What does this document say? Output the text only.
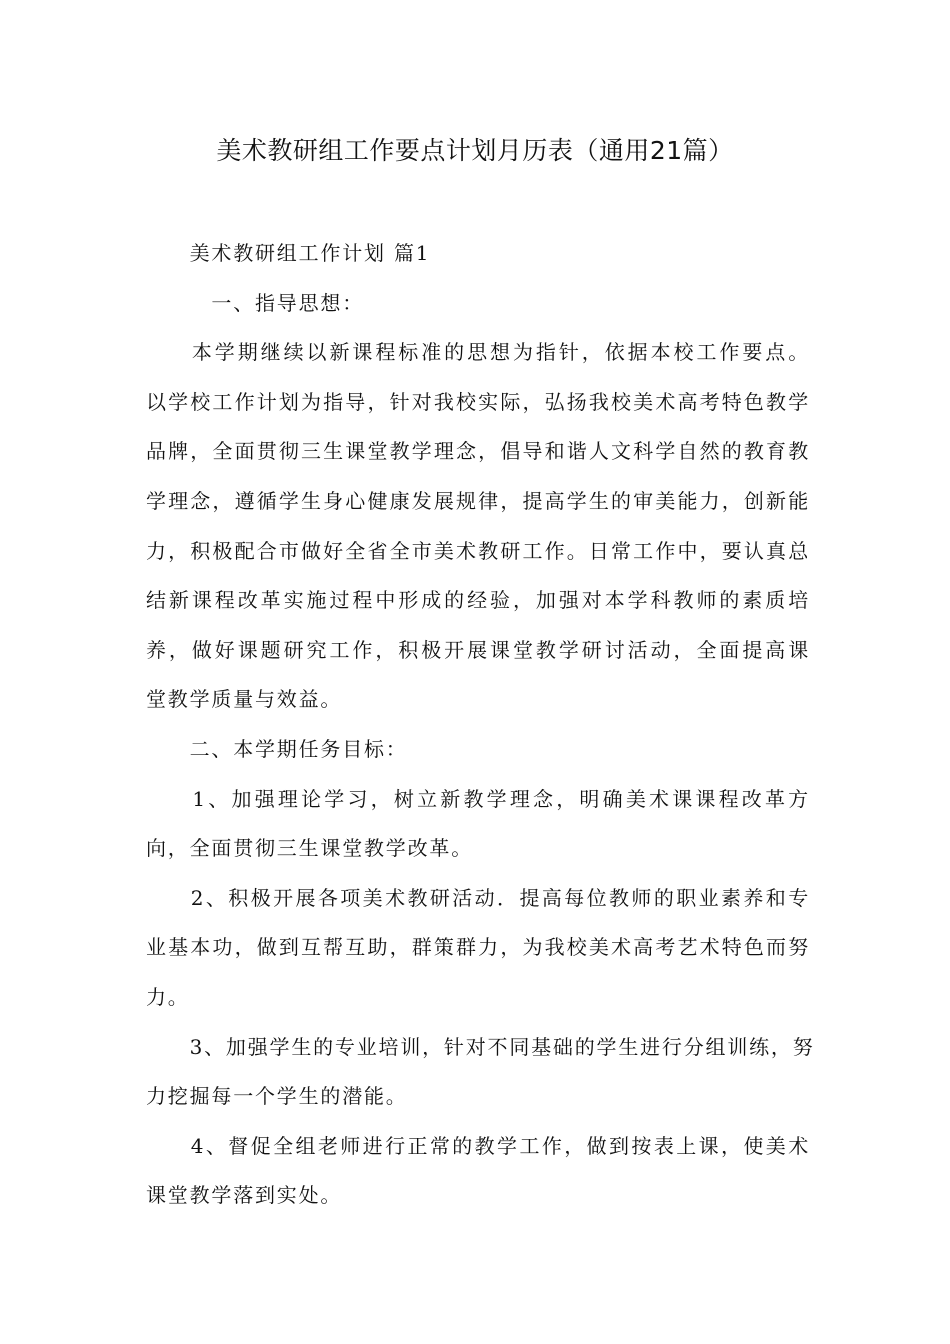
美术教研组工作要点计划月历表（通用21篇）
　　美术教研组工作计划 篇1
　　　一、指导思想：
　　本学期继续以新课程标准的思想为指针，依据本校工作要点。
以学校工作计划为指导，针对我校实际，弘扬我校美术高考特色教学
品牌，全面贯彻三生课堂教学理念，倡导和谐人文科学自然的教育教
学理念，遵循学生身心健康发展规律，提高学生的审美能力，创新能
力，积极配合市做好全省全市美术教研工作。日常工作中，要认真总
结新课程改革实施过程中形成的经验，加强对本学科教师的素质培
养，做好课题研究工作，积极开展课堂教学研讨活动，全面提高课
堂教学质量与效益。
　　二、本学期任务目标：
　　1、加强理论学习，树立新教学理念，明确美术课课程改革方
向，全面贯彻三生课堂教学改革。
　　2、积极开展各项美术教研活动．提高每位教师的职业素养和专
业基本功，做到互帮互助，群策群力，为我校美术高考艺术特色而努
力。
　　3、加强学生的专业培训，针对不同基础的学生进行分组训练，努
力挖掘每一个学生的潜能。
　　4、督促全组老师进行正常的教学工作，做到按表上课，使美术
课堂教学落到实处。
